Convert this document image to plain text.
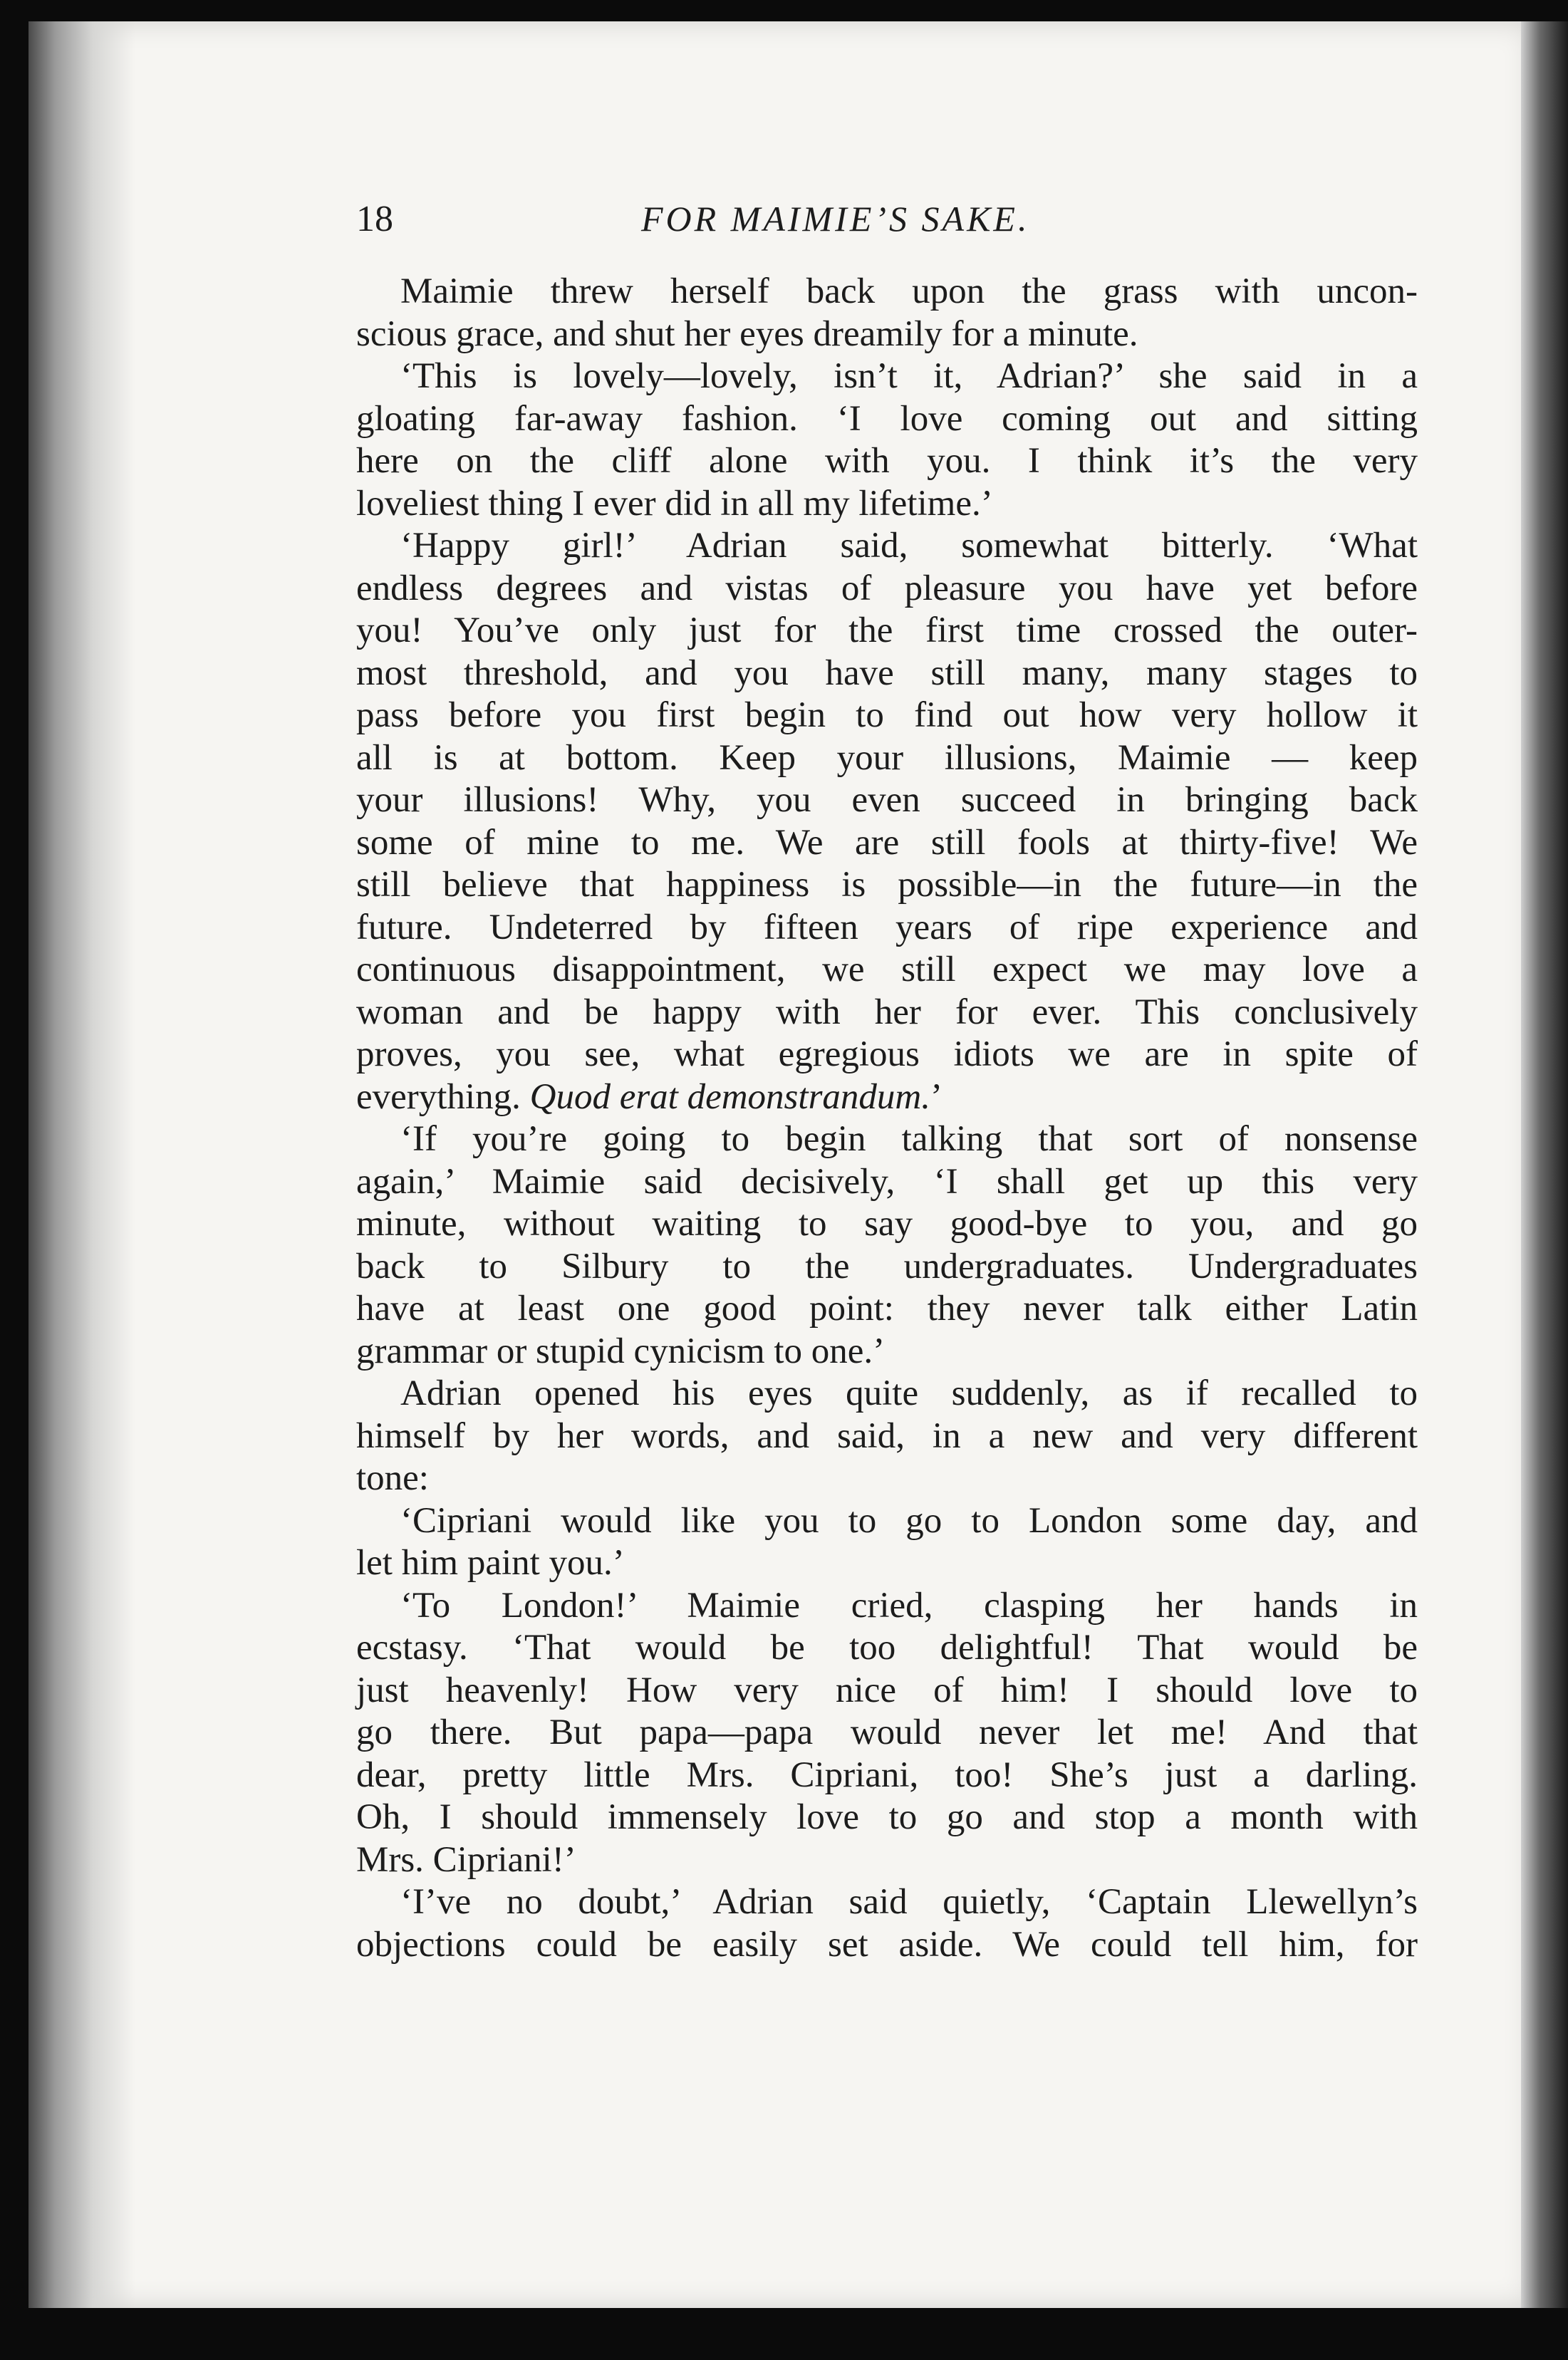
18	FOR MAIMIE’S SAKE.
Maimie threw herself back upon the grass with uncon-
scious grace, and shut her eyes dreamily for a minute.
‘This is lovely—lovely, isn’t it, Adrian?’ she said in a
gloating far-away fashion. ‘I love coming out and sitting
here on the cliff alone with you. I think it’s the very
loveliest thing I ever did in all my lifetime.’
‘Happy girl!’ Adrian said, somewhat bitterly. ‘What
endless degrees and vistas of pleasure you have yet before
you! You’ve only just for the first time crossed the outer-
most threshold, and you have still many, many stages to
pass before you first begin to find out how very hollow it
all is at bottom. Keep your illusions, Maimie — keep
your illusions! Why, you even succeed in bringing back
some of mine to me. We are still fools at thirty-five! We
still believe that happiness is possible—in the future—in the
future. Undeterred by fifteen years of ripe experience and
continuous disappointment, we still expect we may love a
woman and be happy with her for ever. This conclusively
proves, you see, what egregious idiots we are in spite of
everything. Quod erat demonstrandum.’
‘If you’re going to begin talking that sort of nonsense
again,’ Maimie said decisively, ‘I shall get up this very
minute, without waiting to say good-bye to you, and go
back to Silbury to the undergraduates. Undergraduates
have at least one good point: they never talk either Latin
grammar or stupid cynicism to one.’
Adrian opened his eyes quite suddenly, as if recalled to
himself by her words, and said, in a new and very different
tone:
‘Cipriani would like you to go to London some day, and
let him paint you.’
‘To London!’ Maimie cried, clasping her hands in
ecstasy. ‘That would be too delightful! That would be
just heavenly! How very nice of him! I should love to
go there. But papa—papa would never let me! And that
dear, pretty little Mrs. Cipriani, too! She’s just a darling.
Oh, I should immensely love to go and stop a month with
Mrs. Cipriani!’
‘I’ve no doubt,’ Adrian said quietly, ‘Captain Llewellyn’s
objections could be easily set aside. We could tell him, for
